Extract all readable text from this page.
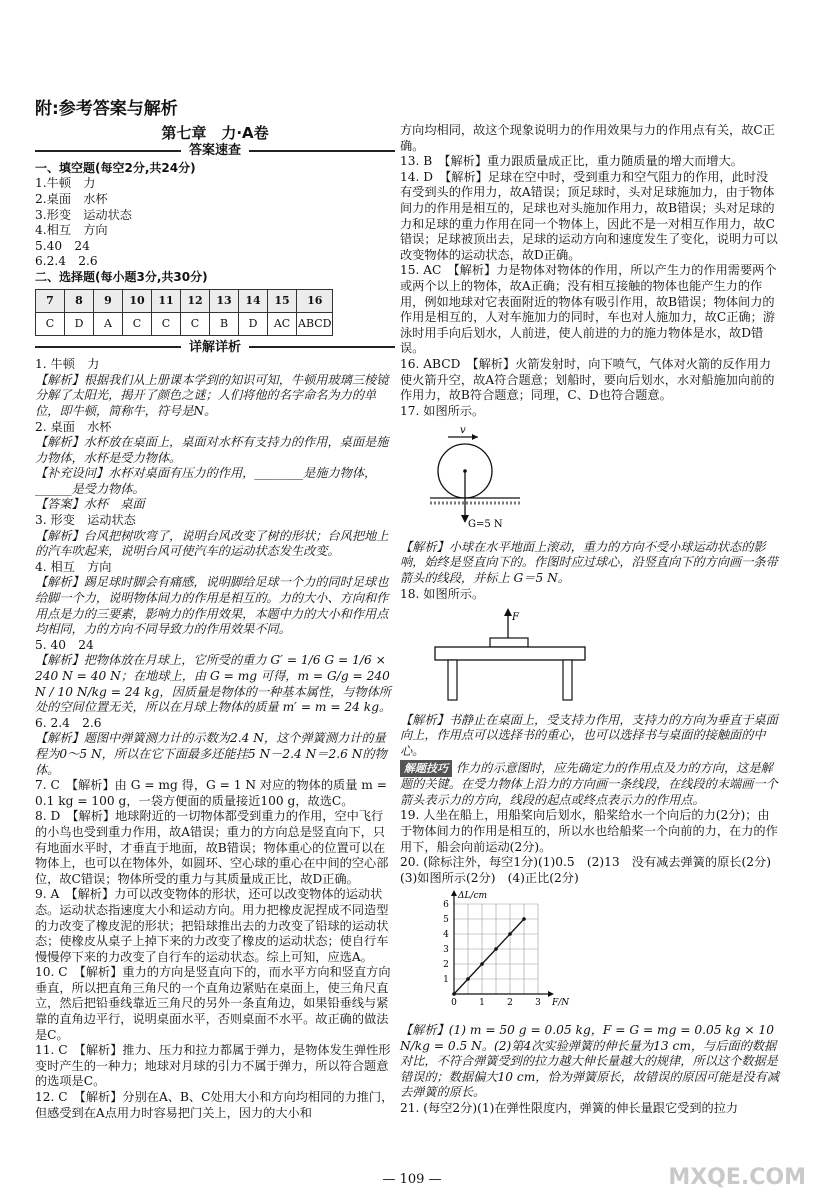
附:参考答案与解析
第七章　力·A卷
答案速查
一、填空题(每空2分,共24分)
1.牛顿　力
2.桌面　水杯
3.形变　运动状态
4.相互　方向
5.40　24
6.2.4　2.6
二、选择题(每小题3分,共30分)
7	8	9	10	11	12	13	14	15	16
C	D	A	C	C	C	B	D	AC	ABCD
详解详析
1. 牛顿　力
【解析】根据我们从上册课本学到的知识可知，牛顿用玻璃三棱镜分解了太阳光，揭开了颜色之谜；人们将他的名字命名为力的单位，即牛顿，简称牛，符号是N。
2. 桌面　水杯
【解析】水杯放在桌面上，桌面对水杯有支持力的作用，桌面是施力物体，水杯是受力物体。
【补充设问】水杯对桌面有压力的作用，________是施力物体，______是受力物体。
【答案】水杯　桌面
3. 形变　运动状态
【解析】台风把树吹弯了，说明台风改变了树的形状；台风把地上的汽车吹起来，说明台风可使汽车的运动状态发生改变。
4. 相互　方向
【解析】踢足球时脚会有痛感，说明脚给足球一个力的同时足球也给脚一个力，说明物体间力的作用是相互的。力的大小、方向和作用点是力的三要素，影响力的作用效果，本题中力的大小和作用点均相同，力的方向不同导致力的作用效果不同。
5. 40　24
【解析】把物体放在月球上，它所受的重力 G′ = 1/6 G = 1/6 × 240 N = 40 N；在地球上，由 G = mg 可得，m = G/g = 240 N / 10 N/kg = 24 kg，因质量是物体的一种基本属性，与物体所处的空间位置无关，所以在月球上物体的质量 m′ = m = 24 kg。
6. 2.4　2.6
【解析】题图中弹簧测力计的示数为2.4 N，这个弹簧测力计的量程为0～5 N，所以在它下面最多还能挂5 N－2.4 N＝2.6 N的物体。
7. C　【解析】由 G = mg 得，G = 1 N 对应的物体的质量 m = 0.1 kg = 100 g，一袋方便面的质量接近100 g，故选C。
8. D　【解析】地球附近的一切物体都受到重力的作用，空中飞行的小鸟也受到重力作用，故A错误；重力的方向总是竖直向下，只有地面水平时，才垂直于地面，故B错误；物体重心的位置可以在物体上，也可以在物体外，如圆环、空心球的重心在中间的空心部位，故C错误；物体所受的重力与其质量成正比，故D正确。
9. A　【解析】力可以改变物体的形状，还可以改变物体的运动状态。运动状态指速度大小和运动方向。用力把橡皮泥捏成不同造型的力改变了橡皮泥的形状；把铅球推出去的力改变了铅球的运动状态；使橡皮从桌子上掉下来的力改变了橡皮的运动状态；使自行车慢慢停下来的力改变了自行车的运动状态。综上可知，应选A。
10. C　【解析】重力的方向是竖直向下的，而水平方向和竖直方向垂直，所以把直角三角尺的一个直角边紧贴在桌面上，使三角尺直立，然后把铅垂线靠近三角尺的另外一条直角边，如果铅垂线与紧靠的直角边平行，说明桌面水平，否则桌面不水平。故正确的做法是C。
11. C　【解析】推力、压力和拉力都属于弹力，是物体发生弹性形变时产生的一种力；地球对月球的引力不属于弹力，所以符合题意的选项是C。
12. C　【解析】分别在A、B、C处用大小和方向均相同的力推门，但感受到在A点用力时容易把门关上，因力的大小和
方向均相同，故这个现象说明力的作用效果与力的作用点有关，故C正确。
13. B　【解析】重力跟质量成正比，重力随质量的增大而增大。
14. D　【解析】足球在空中时，受到重力和空气阻力的作用，此时没有受到头的作用力，故A错误；顶足球时，头对足球施加力，由于物体间力的作用是相互的，足球也对头施加作用力，故B错误；头对足球的力和足球的重力作用在同一个物体上，因此不是一对相互作用力，故C错误；足球被顶出去，足球的运动方向和速度发生了变化，说明力可以改变物体的运动状态，故D正确。
15. AC　【解析】力是物体对物体的作用，所以产生力的作用需要两个或两个以上的物体，故A正确；没有相互接触的物体也能产生力的作用，例如地球对它表面附近的物体有吸引作用，故B错误；物体间力的作用是相互的，人对车施加力的同时，车也对人施加力，故C正确；游泳时用手向后划水，人前进，使人前进的力的施力物体是水，故D错误。
16. ABCD　【解析】火箭发射时，向下喷气，气体对火箭的反作用力使火箭升空，故A符合题意；划船时，要向后划水，水对船施加向前的作用力，故B符合题意；同理，C、D也符合题意。
17. 如图所示。
v
G=5 N
【解析】小球在水平地面上滚动，重力的方向不受小球运动状态的影响，始终是竖直向下的。作图时应过球心，沿竖直向下的方向画一条带箭头的线段，并标上 G＝5 N。
18. 如图所示。
F
【解析】书静止在桌面上，受支持力作用，支持力的方向为垂直于桌面向上，作用点可以选择书的重心，也可以选择书与桌面的接触面的中心。
解题技巧 作力的示意图时，应先确定力的作用点及力的方向，这是解题的关键。在受力物体上沿力的方向画一条线段，在线段的末端画一个箭头表示力的方向，线段的起点或终点表示力的作用点。
19. 人坐在船上，用船桨向后划水，船桨给水一个向后的力(2分)；由于物体间力的作用是相互的，所以水也给船桨一个向前的力，在力的作用下，船会向前运动(2分)。
20. (除标注外，每空1分)(1)0.5　(2)13　没有减去弹簧的原长(2分)　(3)如图所示(2分)　(4)正比(2分)
1
2
3
4
5
6
0 1 2 3 F/N
ΔL/cm
【解析】(1) m = 50 g = 0.05 kg，F = G = mg = 0.05 kg × 10 N/kg = 0.5 N。(2)第4次实验弹簧的伸长量为13 cm，与后面的数据对比，不符合弹簧受到的拉力越大伸长量越大的规律，所以这个数据是错误的；数据偏大10 cm，恰为弹簧原长，故错误的原因可能是没有减去弹簧的原长。
21. (每空2分)(1)在弹性限度内，弹簧的伸长量跟它受到的拉力
— 109 —	MXQE.COM
